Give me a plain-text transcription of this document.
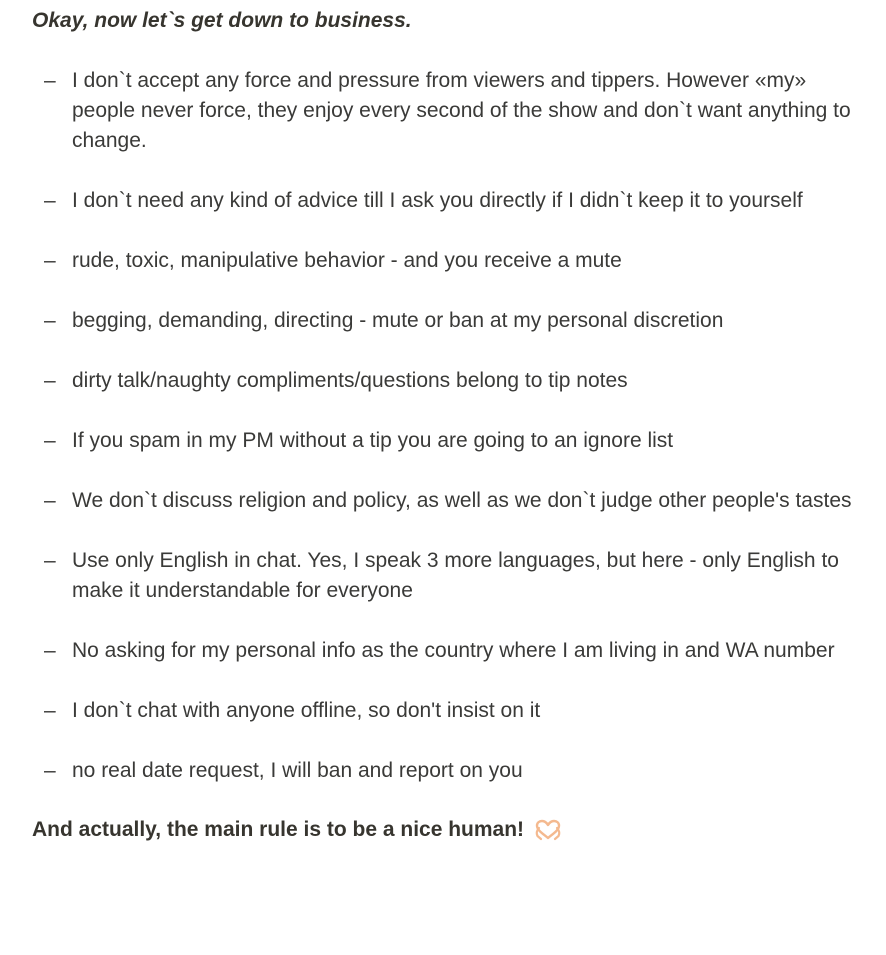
Okay, now let`s get down to business.

– I don`t accept any force and pressure from viewers and tippers. However «my» people never force, they enjoy every second of the show and don`t want anything to change.
– I don`t need any kind of advice till I ask you directly if I didn`t keep it to yourself
– rude, toxic, manipulative behavior - and you receive a mute
– begging, demanding, directing - mute or ban at my personal discretion
– dirty talk/naughty compliments/questions belong to tip notes
– If you spam in my PM without a tip you are going to an ignore list
– We don`t discuss religion and policy, as well as we don`t judge other people's tastes
– Use only English in chat. Yes, I speak 3 more languages, but here - only English to make it understandable for everyone
– No asking for my personal info as the country where I am living in and WA number
– I don`t chat with anyone offline, so don't insist on it
– no real date request, I will ban and report on you

And actually, the main rule is to be a nice human!
